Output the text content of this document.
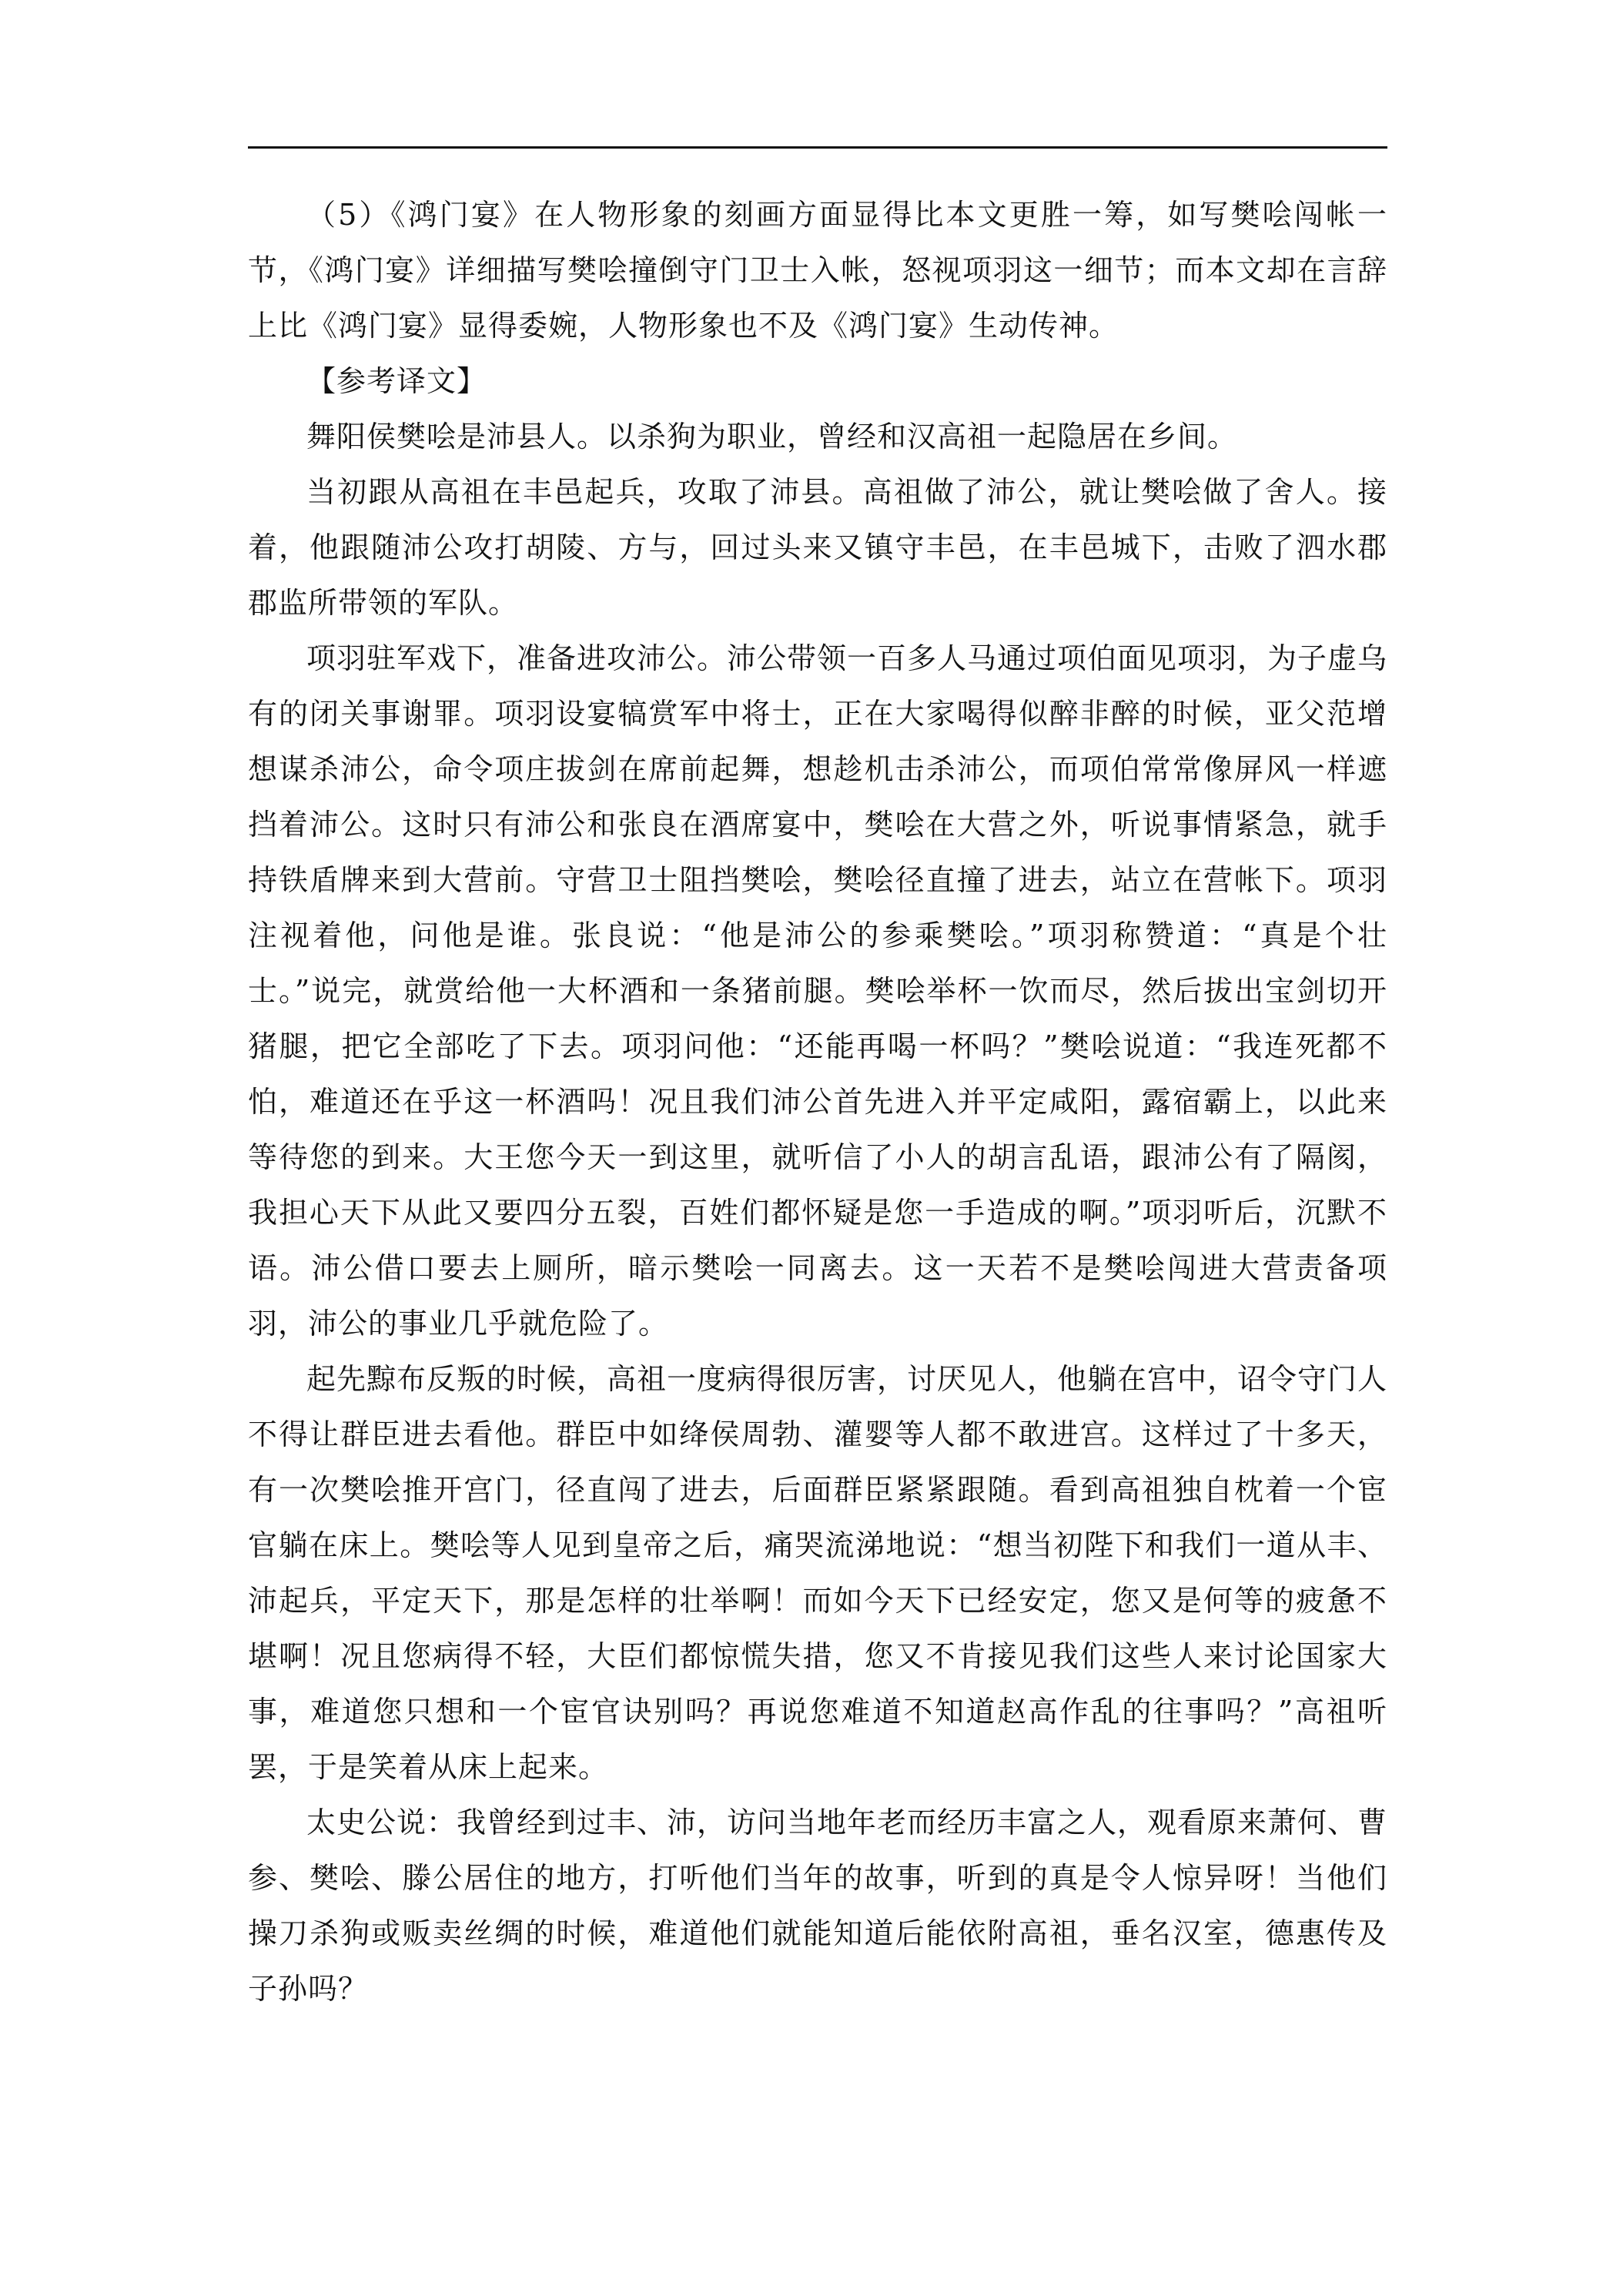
（5）《鸿门宴》在人物形象的刻画方面显得比本文更胜一筹，如写樊哙闯帐一节，《鸿门宴》详细描写樊哙撞倒守门卫士入帐，怒视项羽这一细节；而本文却在言辞上比《鸿门宴》显得委婉，人物形象也不及《鸿门宴》生动传神。

【参考译文】

舞阳侯樊哙是沛县人。以杀狗为职业，曾经和汉高祖一起隐居在乡间。

当初跟从高祖在丰邑起兵，攻取了沛县。高祖做了沛公，就让樊哙做了舍人。接着，他跟随沛公攻打胡陵、方与，回过头来又镇守丰邑，在丰邑城下，击败了泗水郡郡监所带领的军队。

项羽驻军戏下，准备进攻沛公。沛公带领一百多人马通过项伯面见项羽，为子虚乌有的闭关事谢罪。项羽设宴犒赏军中将士，正在大家喝得似醉非醉的时候，亚父范增想谋杀沛公，命令项庄拔剑在席前起舞，想趁机击杀沛公，而项伯常常像屏风一样遮挡着沛公。这时只有沛公和张良在酒席宴中，樊哙在大营之外，听说事情紧急，就手持铁盾牌来到大营前。守营卫士阻挡樊哙，樊哙径直撞了进去，站立在营帐下。项羽注视着他，问他是谁。张良说：“他是沛公的参乘樊哙。”项羽称赞道：“真是个壮士。”说完，就赏给他一大杯酒和一条猪前腿。樊哙举杯一饮而尽，然后拔出宝剑切开猪腿，把它全部吃了下去。项羽问他：“还能再喝一杯吗？”樊哙说道：“我连死都不怕，难道还在乎这一杯酒吗！况且我们沛公首先进入并平定咸阳，露宿霸上，以此来等待您的到来。大王您今天一到这里，就听信了小人的胡言乱语，跟沛公有了隔阂，我担心天下从此又要四分五裂，百姓们都怀疑是您一手造成的啊。”项羽听后，沉默不语。沛公借口要去上厕所，暗示樊哙一同离去。这一天若不是樊哙闯进大营责备项羽，沛公的事业几乎就危险了。

起先黥布反叛的时候，高祖一度病得很厉害，讨厌见人，他躺在宫中，诏令守门人不得让群臣进去看他。群臣中如绛侯周勃、灌婴等人都不敢进宫。这样过了十多天，有一次樊哙推开宫门，径直闯了进去，后面群臣紧紧跟随。看到高祖独自枕着一个宦官躺在床上。樊哙等人见到皇帝之后，痛哭流涕地说：“想当初陛下和我们一道从丰、沛起兵，平定天下，那是怎样的壮举啊！而如今天下已经安定，您又是何等的疲惫不堪啊！况且您病得不轻，大臣们都惊慌失措，您又不肯接见我们这些人来讨论国家大事，难道您只想和一个宦官诀别吗？再说您难道不知道赵高作乱的往事吗？”高祖听罢，于是笑着从床上起来。

太史公说：我曾经到过丰、沛，访问当地年老而经历丰富之人，观看原来萧何、曹参、樊哙、滕公居住的地方，打听他们当年的故事，听到的真是令人惊异呀！当他们操刀杀狗或贩卖丝绸的时候，难道他们就能知道后能依附高祖，垂名汉室，德惠传及子孙吗？
